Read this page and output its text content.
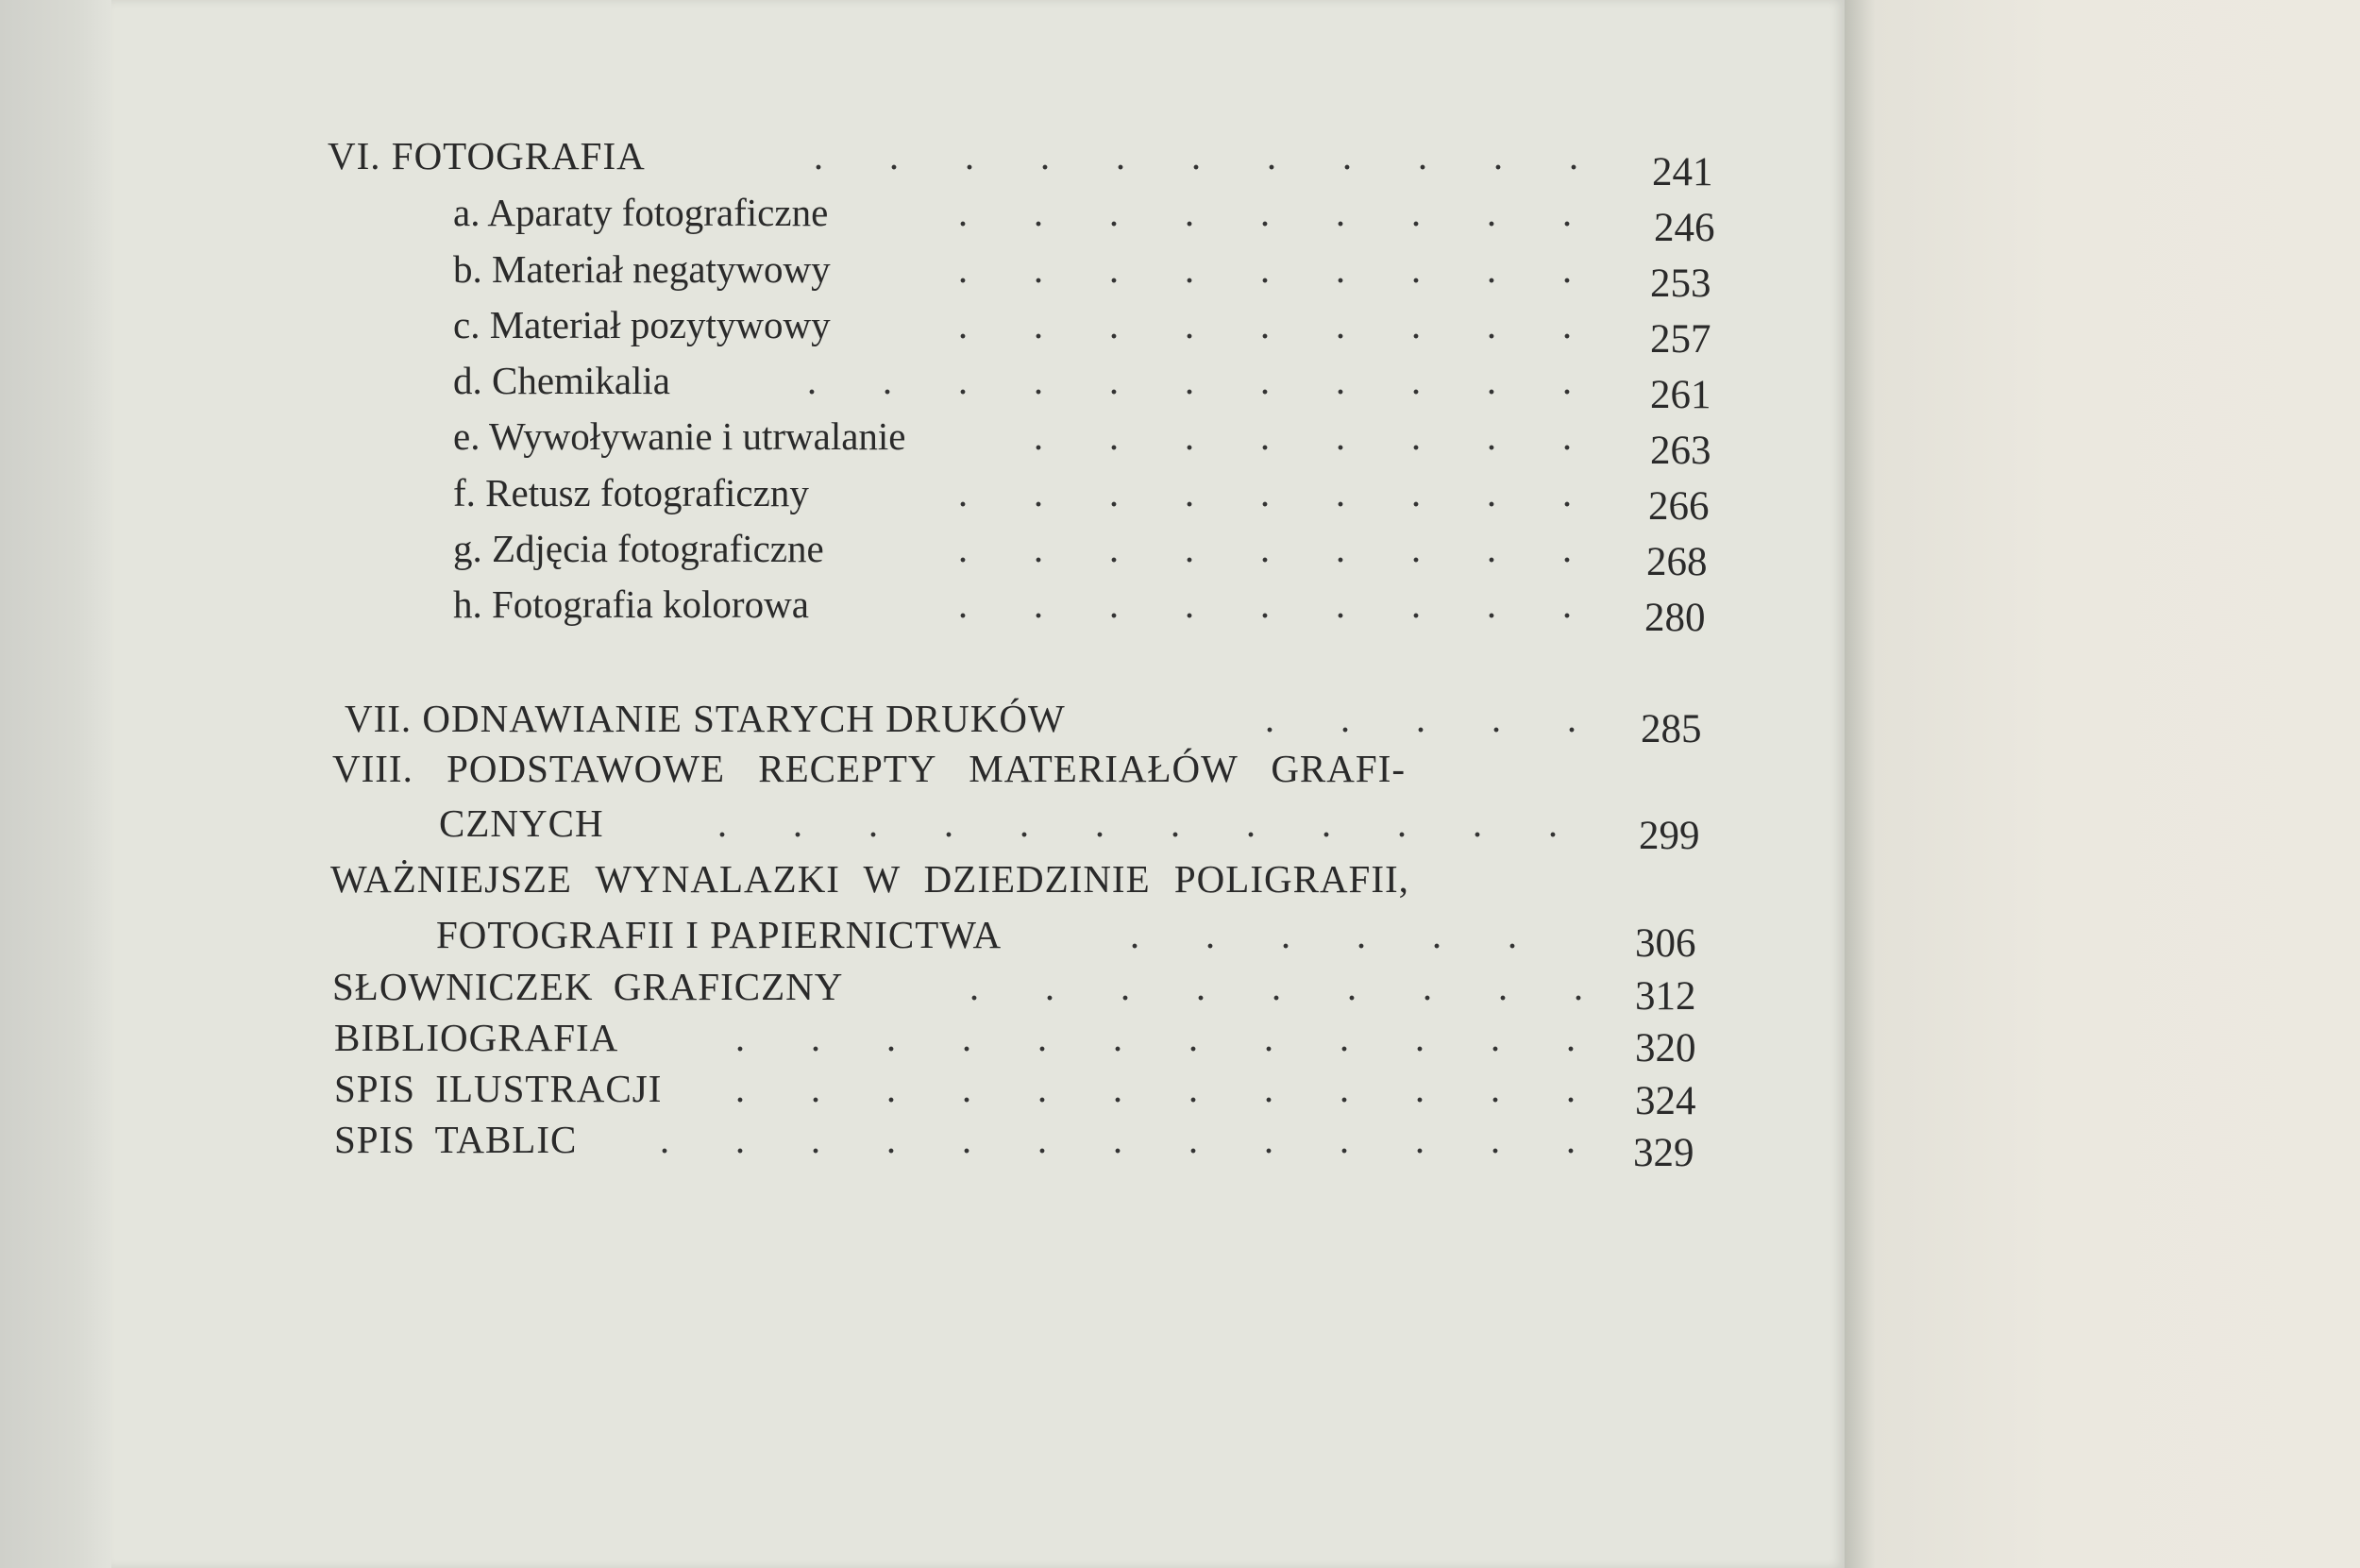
VI. FOTOGRAFIA	. . . . . . . . . . .	241
a. Aparaty fotograficzne	. . . . . . . . .	246
b. Materiał negatywowy	. . . . . . . . .	253
c. Materiał pozytywowy	. . . . . . . . .	257
d. Chemikalia	. . . . . . . . . . .	261
e. Wywoływanie i utrwalanie	. . . . . . . .	263
f. Retusz fotograficzny	. . . . . . . . .	266
g. Zdjęcia fotograficzne	. . . . . . . . .	268
h. Fotografia kolorowa	. . . . . . . . .	280
VII. ODNAWIANIE STARYCH DRUKÓW	. . . . .	285
VIII. PODSTAWOWE RECEPTY MATERIAŁÓW GRAFI-
CZNYCH	. . . . . . . . . . . .	299
WAŻNIEJSZE WYNALAZKI W DZIEDZINIE POLIGRAFII,
FOTOGRAFII I PAPIERNICTWA	. . . . . .	306
SŁOWNICZEK GRAFICZNY	. . . . . . . . .	312
BIBLIOGRAFIA	. . . . . . . . . . . .	320
SPIS ILUSTRACJI	. . . . . . . . . . . .	324
SPIS TABLIC	. . . . . . . . . . . . .	329
